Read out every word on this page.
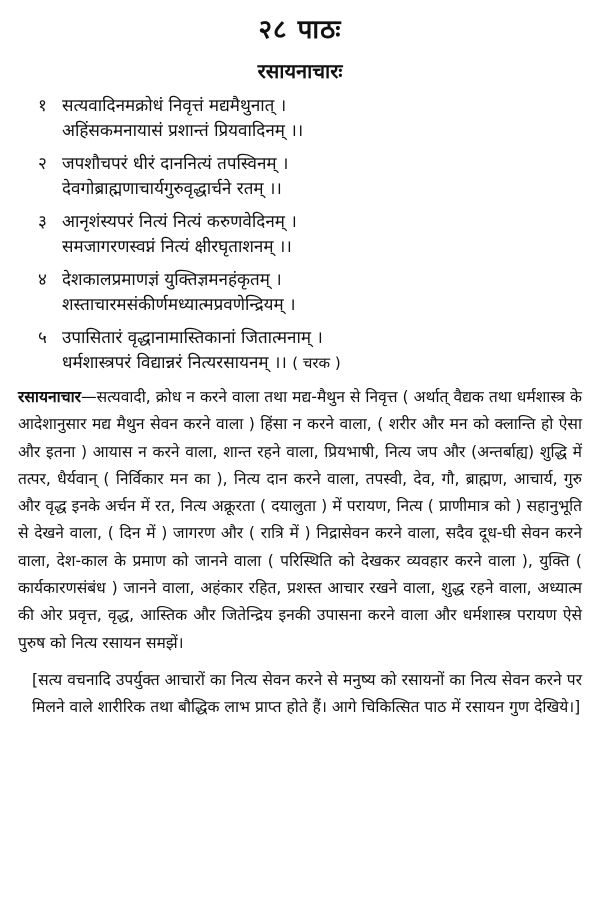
२८ पाठः
रसायनाचारः
१ सत्यवादिनमक्रोधं निवृत्तं मद्यमैथुनात् ।
अहिंसकमनायासं प्रशान्तं प्रियवादिनम् ।।
२ जपशौचपरं धीरं दाननित्यं तपस्विनम् ।
देवगोब्राह्मणाचार्यगुरुवृद्धार्चने रतम् ।।
३ आनृशंस्यपरं नित्यं नित्यं करुणवेदिनम् ।
समजागरणस्वप्नं नित्यं क्षीरघृताशनम् ।।
४ देशकालप्रमाणज्ञं युक्तिज्ञमनहंकृतम् ।
शस्ताचारमसंकीर्णमध्यात्मप्रवणेन्द्रियम् ।
५ उपासितारं वृद्धानामास्तिकानां जितात्मनाम् ।
धर्मशास्त्रपरं विद्यान्नरं नित्यरसायनम् ।। ( चरक )
रसायनाचार—सत्यवादी, क्रोध न करने वाला तथा मद्य-मैथुन से निवृत्त ( अर्थात् वैद्यक तथा धर्मशास्त्र के आदेशानुसार मद्य मैथुन सेवन करने वाला ) हिंसा न करने वाला, ( शरीर और मन को क्लान्ति हो ऐसा और इतना ) आयास न करने वाला, शान्त रहने वाला, प्रियभाषी, नित्य जप और (अन्तर्बाह्य) शुद्धि में तत्पर, धैर्यवान् ( निर्विकार मन का ), नित्य दान करने वाला, तपस्वी, देव, गौ, ब्राह्मण, आचार्य, गुरु और वृद्ध इनके अर्चन में रत, नित्य अक्रूरता ( दयालुता ) में परायण, नित्य ( प्राणीमात्र को ) सहानुभूति से देखने वाला, ( दिन में ) जागरण और ( रात्रि में ) निद्रासेवन करने वाला, सदैव दूध-घी सेवन करने वाला, देश-काल के प्रमाण को जानने वाला ( परिस्थिति को देखकर व्यवहार करने वाला ), युक्ति ( कार्यकारणसंबंध ) जानने वाला, अहंकार रहित, प्रशस्त आचार रखने वाला, शुद्ध रहने वाला, अध्यात्म की ओर प्रवृत्त, वृद्ध, आस्तिक और जितेन्द्रिय इनकी उपासना करने वाला और धर्मशास्त्र परायण ऐसे पुरुष को नित्य रसायन समझें।
[सत्य वचनादि उपर्युक्त आचारों का नित्य सेवन करने से मनुष्य को रसायनों का नित्य सेवन करने पर मिलने वाले शारीरिक तथा बौद्धिक लाभ प्राप्त होते हैं। आगे चिकित्सित पाठ में रसायन गुण देखिये।]
